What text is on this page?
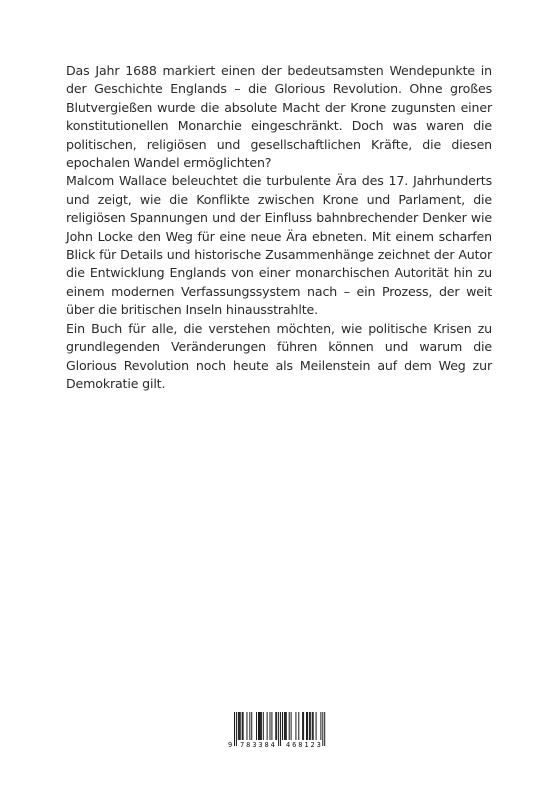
Das Jahr 1688 markiert einen der bedeutsamsten Wendepunkte in der Geschichte Englands – die Glorious Revolution. Ohne großes Blutvergießen wurde die absolute Macht der Krone zugunsten einer konstitutionellen Monarchie eingeschränkt. Doch was waren die politischen, religiösen und gesellschaftlichen Kräfte, die diesen epochalen Wandel ermöglichten?

Malcom Wallace beleuchtet die turbulente Ära des 17. Jahrhunderts und zeigt, wie die Konflikte zwischen Krone und Parlament, die religiösen Spannungen und der Einfluss bahnbrechender Denker wie John Locke den Weg für eine neue Ära ebneten. Mit einem scharfen Blick für Details und historische Zusammenhänge zeichnet der Autor die Entwicklung Englands von einer monarchischen Autorität hin zu einem modernen Verfassungssystem nach – ein Prozess, der weit über die britischen Inseln hinausstrahlte.

Ein Buch für alle, die verstehen möchten, wie politische Krisen zu grundlegenden Veränderungen führen können und warum die Glorious Revolution noch heute als Meilenstein auf dem Weg zur Demokratie gilt.

9 783384 468123
